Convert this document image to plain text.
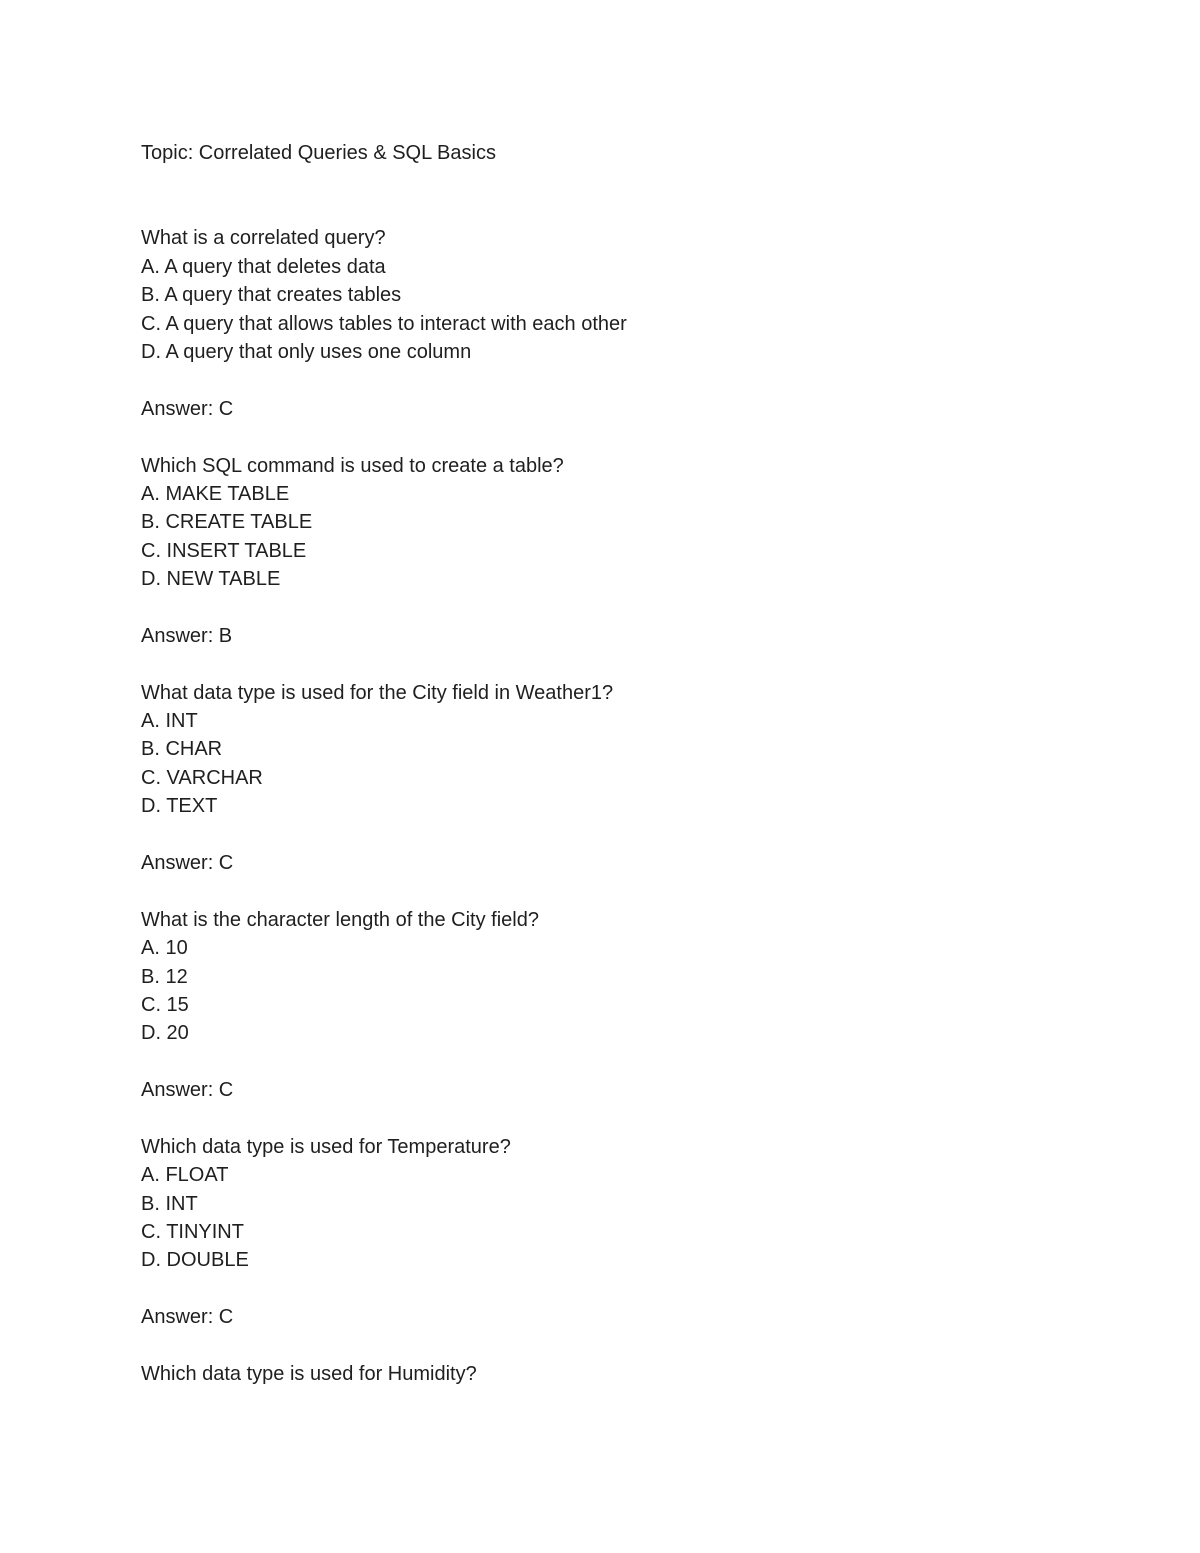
Topic: Correlated Queries & SQL Basics
What is a correlated query?
A. A query that deletes data
B. A query that creates tables
C. A query that allows tables to interact with each other
D. A query that only uses one column
Answer: C
Which SQL command is used to create a table?
A. MAKE TABLE
B. CREATE TABLE
C. INSERT TABLE
D. NEW TABLE
Answer: B
What data type is used for the City field in Weather1?
A. INT
B. CHAR
C. VARCHAR
D. TEXT
Answer: C
What is the character length of the City field?
A. 10
B. 12
C. 15
D. 20
Answer: C
Which data type is used for Temperature?
A. FLOAT
B. INT
C. TINYINT
D. DOUBLE
Answer: C
Which data type is used for Humidity?
